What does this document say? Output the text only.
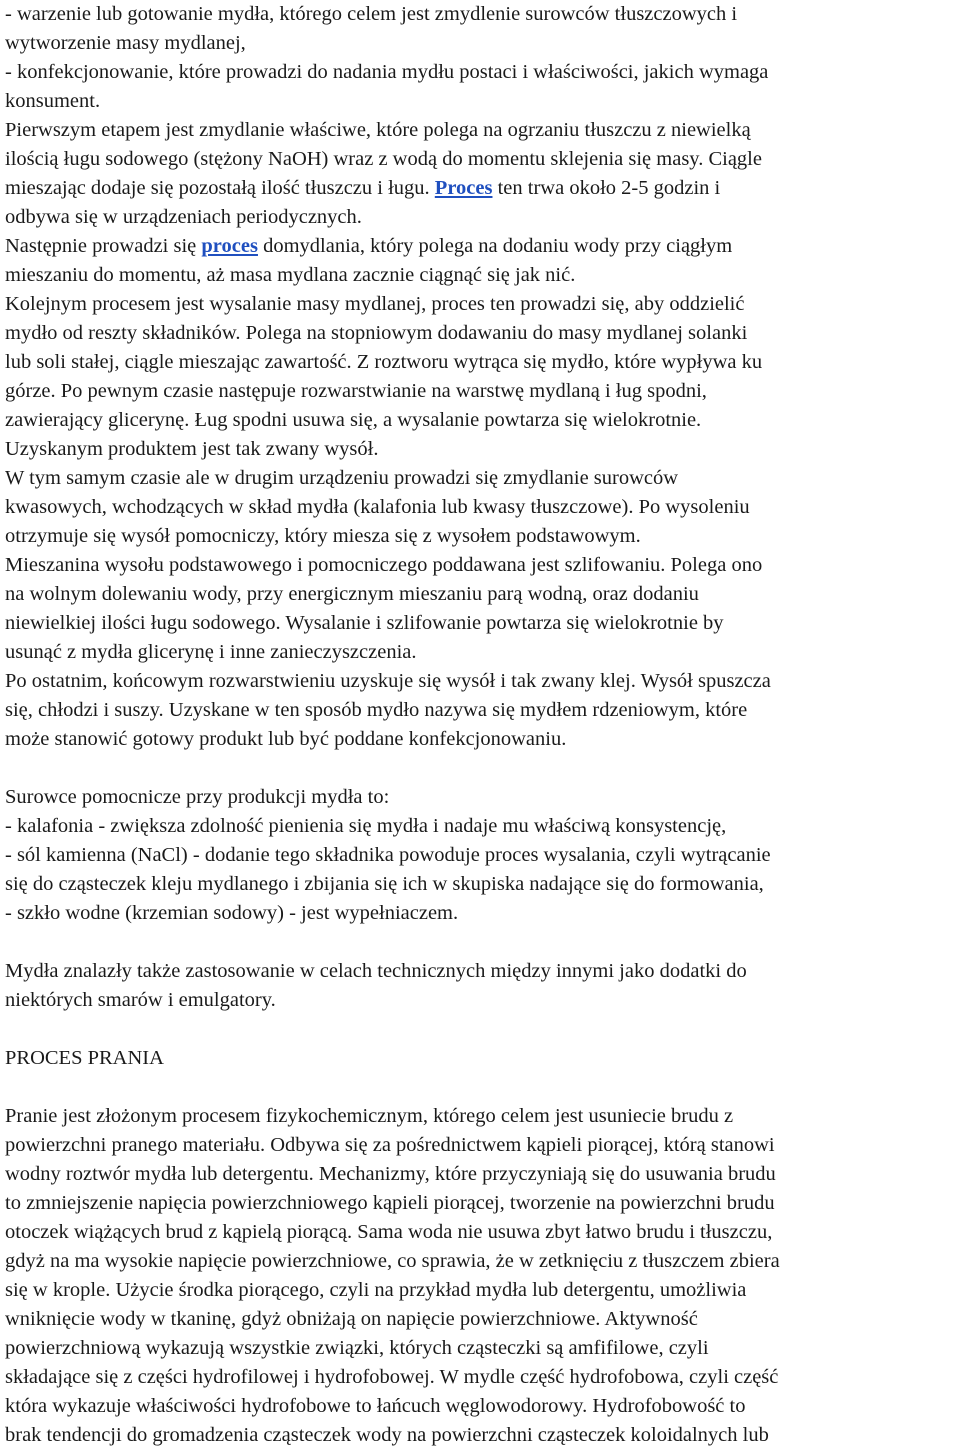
- warzenie lub gotowanie mydła, którego celem jest zmydlenie surowców tłuszczowych i
wytworzenie masy mydlanej,
- konfekcjonowanie, które prowadzi do nadania mydłu postaci i właściwości, jakich wymaga
konsument.
Pierwszym etapem jest zmydlanie właściwe, które polega na ogrzaniu tłuszczu z niewielką
ilością ługu sodowego (stężony NaOH) wraz z wodą do momentu sklejenia się masy. Ciągle
mieszając dodaje się pozostałą ilość tłuszczu i ługu. Proces ten trwa około 2-5 godzin i
odbywa się w urządzeniach periodycznych.
Następnie prowadzi się proces domydlania, który polega na dodaniu wody przy ciągłym
mieszaniu do momentu, aż masa mydlana zacznie ciągnąć się jak nić.
Kolejnym procesem jest wysalanie masy mydlanej, proces ten prowadzi się, aby oddzielić
mydło od reszty składników. Polega na stopniowym dodawaniu do masy mydlanej solanki
lub soli stałej, ciągle mieszając zawartość. Z roztworu wytrąca się mydło, które wypływa ku
górze. Po pewnym czasie następuje rozwarstwianie na warstwę mydlaną i ług spodni,
zawierający glicerynę. Ług spodni usuwa się, a wysalanie powtarza się wielokrotnie.
Uzyskanym produktem jest tak zwany wysół.
W tym samym czasie ale w drugim urządzeniu prowadzi się zmydlanie surowców
kwasowych, wchodzących w skład mydła (kalafonia lub kwasy tłuszczowe). Po wysoleniu
otrzymuje się wysół pomocniczy, który miesza się z wysołem podstawowym.
Mieszanina wysołu podstawowego i pomocniczego poddawana jest szlifowaniu. Polega ono
na wolnym dolewaniu wody, przy energicznym mieszaniu parą wodną, oraz dodaniu
niewielkiej ilości ługu sodowego. Wysalanie i szlifowanie powtarza się wielokrotnie by
usunąć z mydła glicerynę i inne zanieczyszczenia.
Po ostatnim, końcowym rozwarstwieniu uzyskuje się wysół i tak zwany klej. Wysół spuszcza
się, chłodzi i suszy. Uzyskane w ten sposób mydło nazywa się mydłem rdzeniowym, które
może stanowić gotowy produkt lub być poddane konfekcjonowaniu.
Surowce pomocnicze przy produkcji mydła to:
- kalafonia - zwiększa zdolność pienienia się mydła i nadaje mu właściwą konsystencję,
- sól kamienna (NaCl) - dodanie tego składnika powoduje proces wysalania, czyli wytrącanie
się do cząsteczek kleju mydlanego i zbijania się ich w skupiska nadające się do formowania,
- szkło wodne (krzemian sodowy) - jest wypełniaczem.
Mydła znalazły także zastosowanie w celach technicznych między innymi jako dodatki do
niektórych smarów i emulgatory.
PROCES PRANIA
Pranie jest złożonym procesem fizykochemicznym, którego celem jest usuniecie brudu z
powierzchni pranego materiału. Odbywa się za pośrednictwem kąpieli piorącej, którą stanowi
wodny roztwór mydła lub detergentu. Mechanizmy, które przyczyniają się do usuwania brudu
to zmniejszenie napięcia powierzchniowego kąpieli piorącej, tworzenie na powierzchni brudu
otoczek wiążących brud z kąpielą piorącą. Sama woda nie usuwa zbyt łatwo brudu i tłuszczu,
gdyż na ma wysokie napięcie powierzchniowe, co sprawia, że w zetknięciu z tłuszczem zbiera
się w krople. Użycie środka piorącego, czyli na przykład mydła lub detergentu, umożliwia
wniknięcie wody w tkaninę, gdyż obniżają on napięcie powierzchniowe. Aktywność
powierzchniową wykazują wszystkie związki, których cząsteczki są amfifilowe, czyli
składające się z części hydrofilowej i hydrofobowej. W mydle część hydrofobowa, czyli część
która wykazuje właściwości hydrofobowe to łańcuch węglowodorowy. Hydrofobowość to
brak tendencji do gromadzenia cząsteczek wody na powierzchni cząsteczek koloidalnych lub
